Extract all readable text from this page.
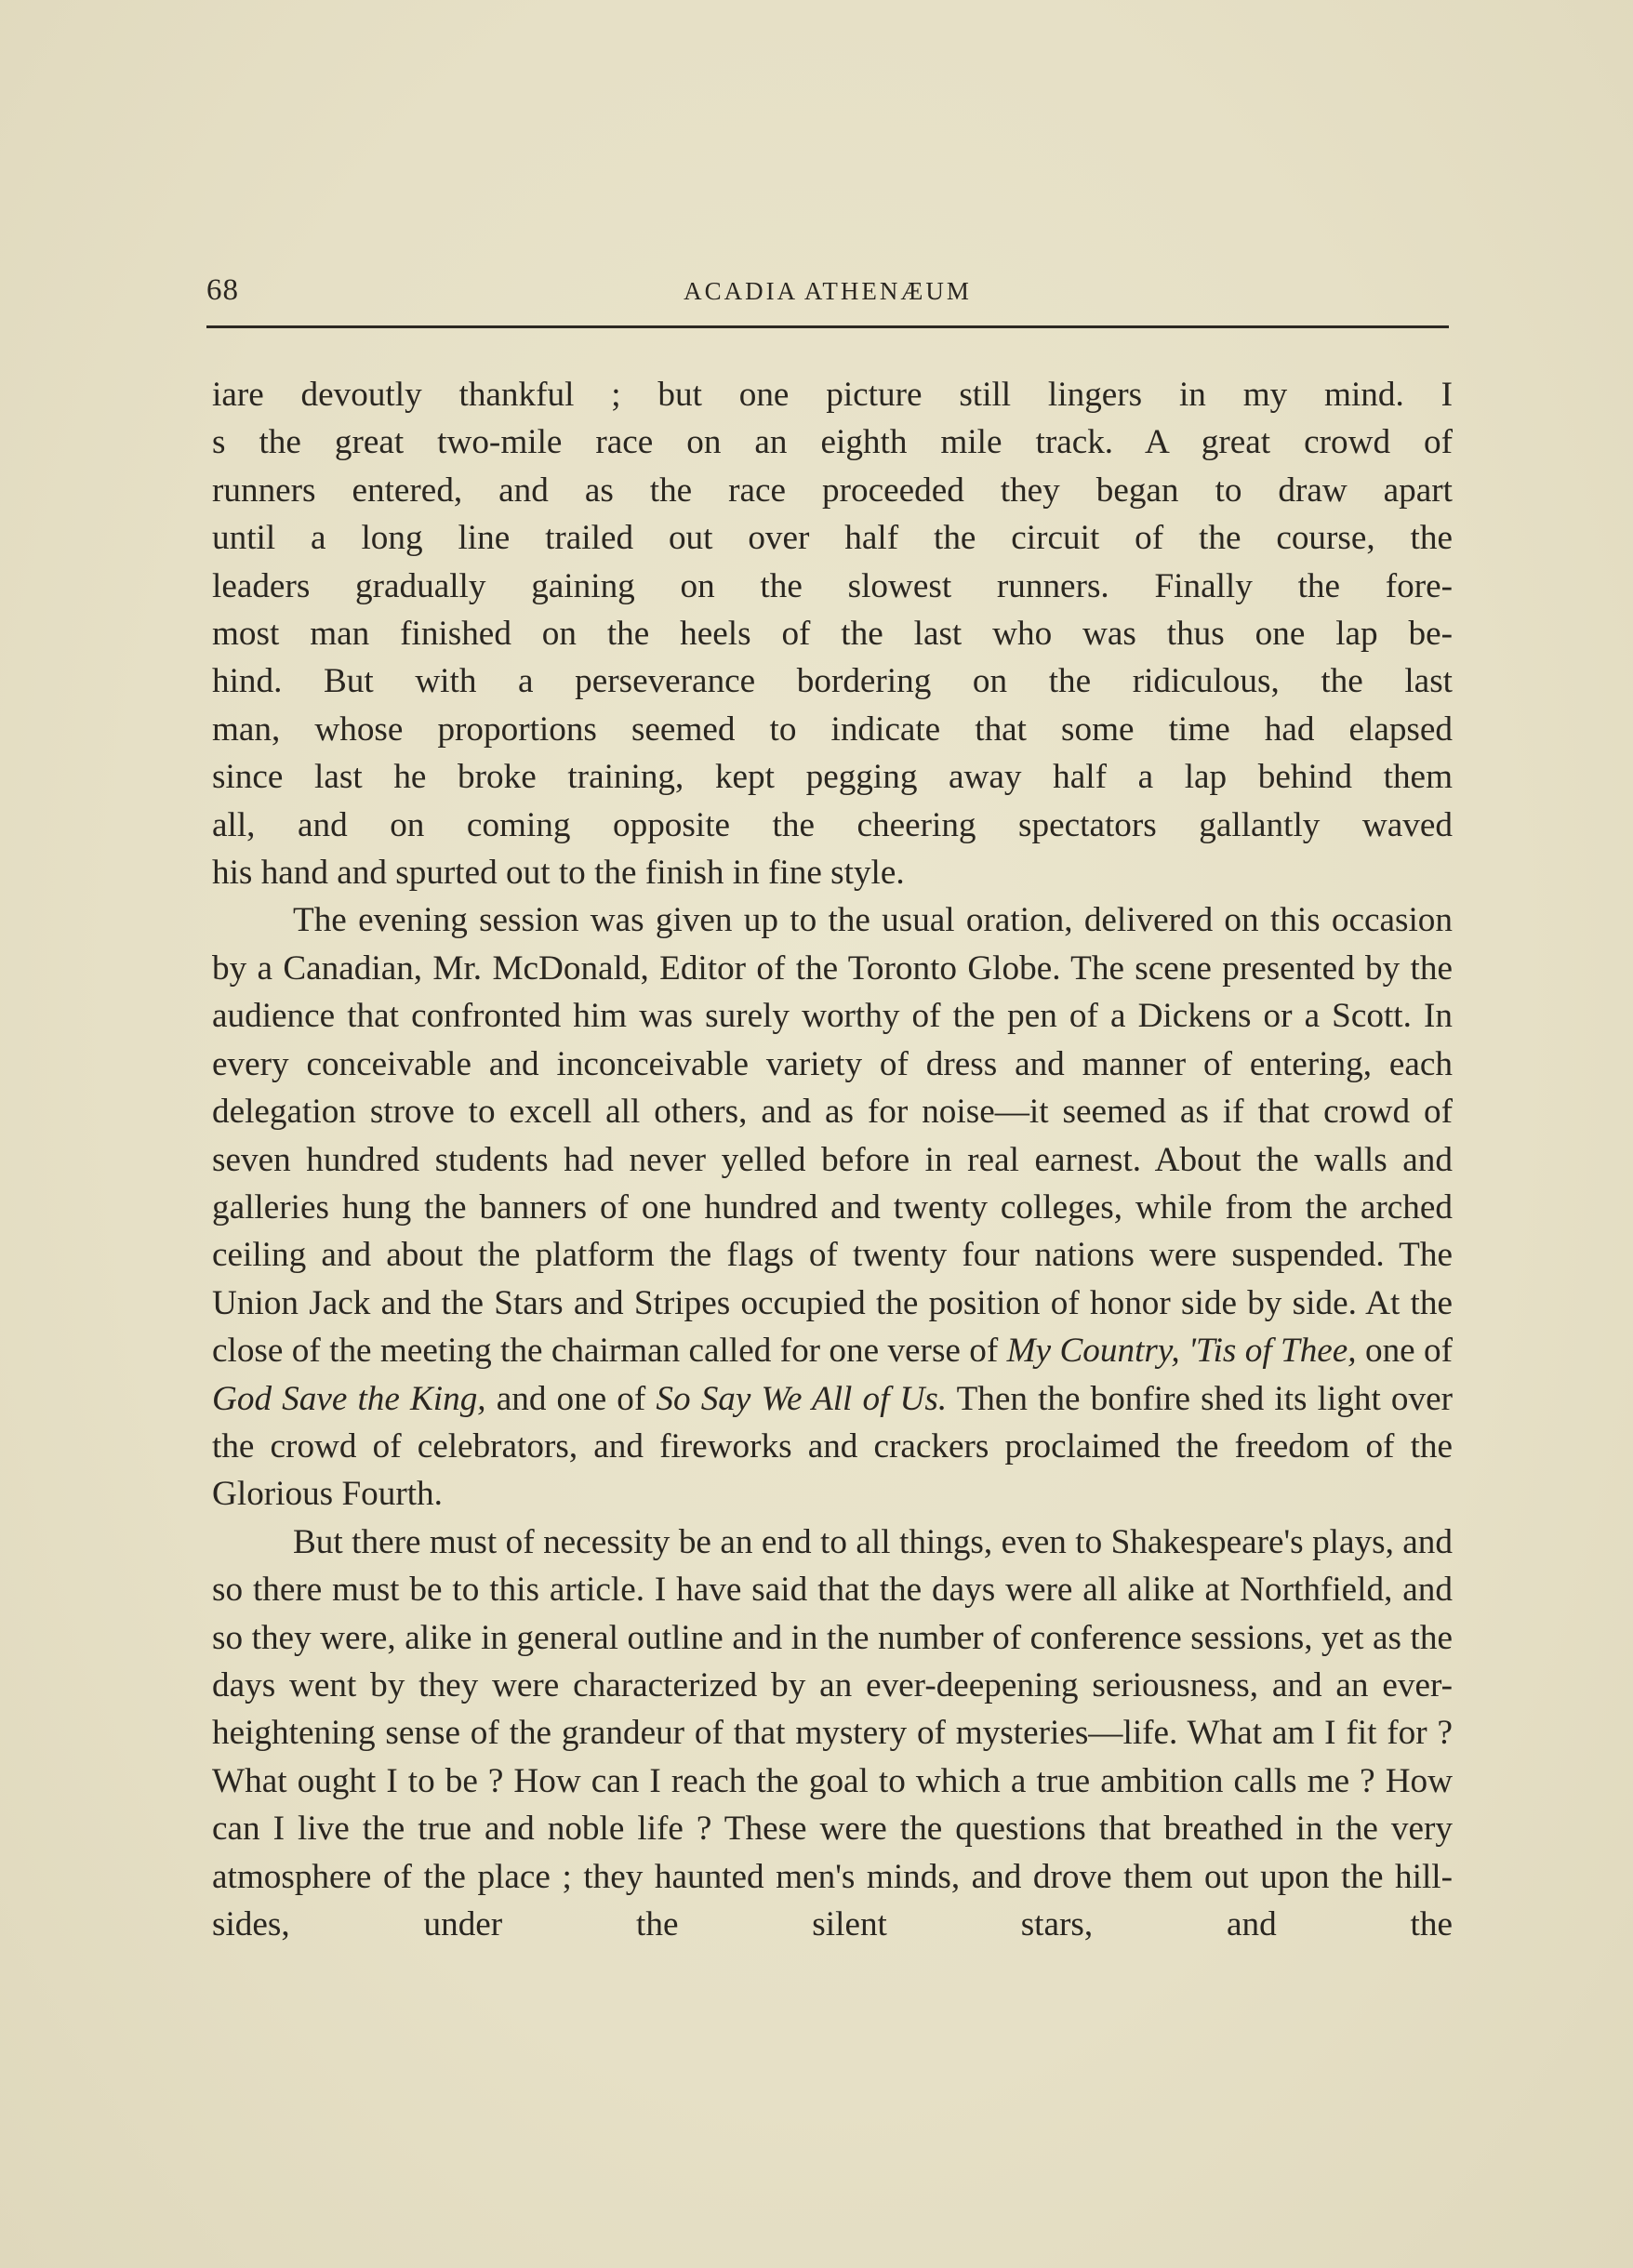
68	ACADIA ATHENÆUM

iare devoutly thankful ; but one picture still lingers in my mind. I
s the great two-mile race on an eighth mile track. A great crowd of
runners entered, and as the race proceeded they began to draw apart
until a long line trailed out over half the circuit of the course, the
leaders gradually gaining on the slowest runners. Finally the fore-
most man finished on the heels of the last who was thus one lap be-
hind. But with a perseverance bordering on the ridiculous, the last
man, whose proportions seemed to indicate that some time had elapsed
since last he broke training, kept pegging away half a lap behind them
all, and on coming opposite the cheering spectators gallantly waved

his hand and spurted out to the finish in fine style.

The evening session was given up to the usual oration, delivered on this occasion by a Canadian, Mr. McDonald, Editor of the Toronto Globe. The scene presented by the audience that confronted him was surely worthy of the pen of a Dickens or a Scott. In every conceivable and inconceivable variety of dress and manner of entering, each delegation strove to excell all others, and as for noise—it seemed as if that crowd of seven hundred students had never yelled before in real earnest. About the walls and galleries hung the banners of one hundred and twenty colleges, while from the arched ceiling and about the platform the flags of twenty four nations were suspended. The Union Jack and the Stars and Stripes occupied the position of honor side by side. At the close of the meeting the chairman called for one verse of My Country, 'Tis of Thee, one of God Save the King, and one of So Say We All of Us. Then the bonfire shed its light over the crowd of celebrators, and fireworks and crackers proclaimed the freedom of the Glorious Fourth.

But there must of necessity be an end to all things, even to Shakespeare's plays, and so there must be to this article. I have said that the days were all alike at Northfield, and so they were, alike in general outline and in the number of conference sessions, yet as the days went by they were characterized by an ever-deepening seriousness, and an ever-heightening sense of the grandeur of that mystery of mysteries—life. What am I fit for ? What ought I to be ? How can I reach the goal to which a true ambition calls me ? How can I live the true and noble life ? These were the questions that breathed in the very atmosphere of the place ; they haunted men's minds, and drove them out upon the hill-sides, under the silent stars, and the
